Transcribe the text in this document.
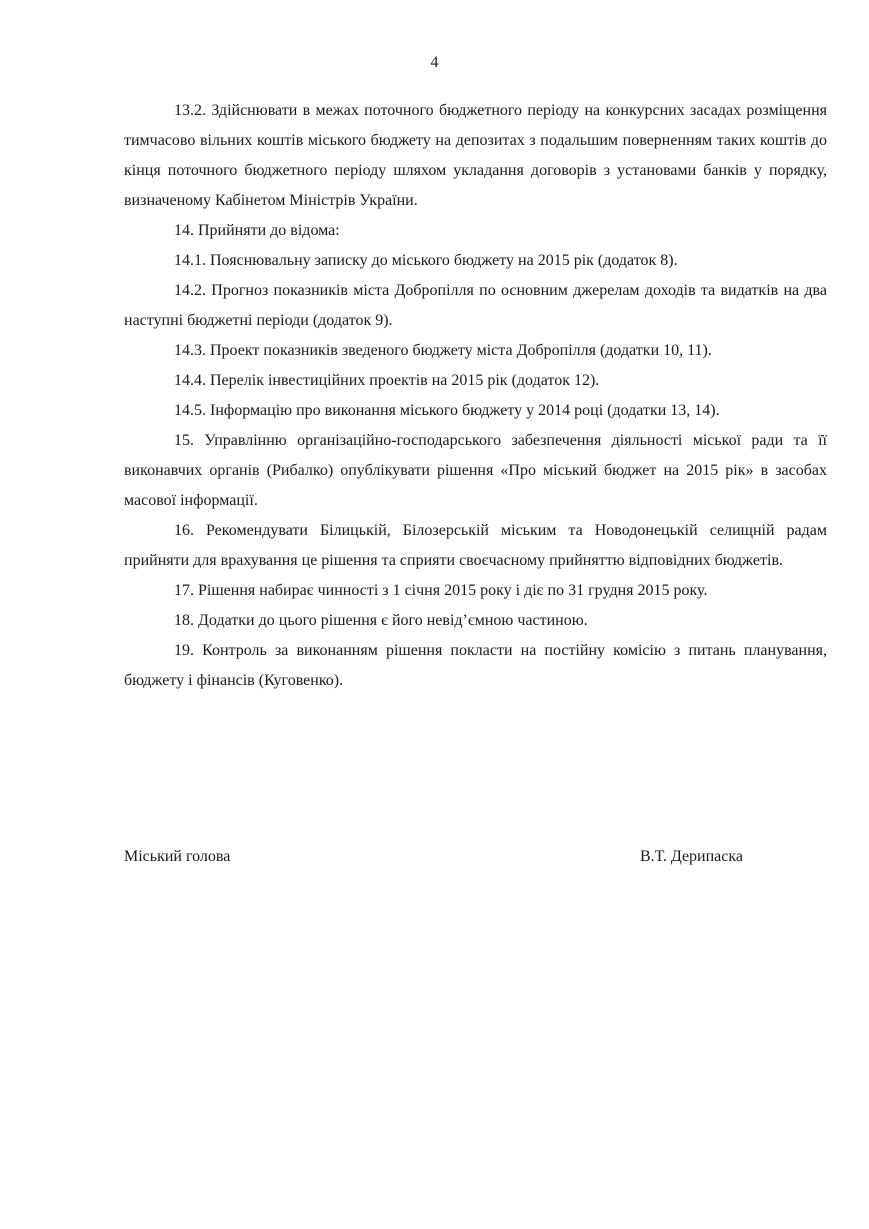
4

13.2. Здійснювати в межах поточного бюджетного періоду на конкурсних засадах розміщення тимчасово вільних коштів міського бюджету на депозитах з подальшим поверненням таких коштів до кінця поточного бюджетного періоду шляхом укладання договорів з установами банків у порядку, визначеному Кабінетом Міністрів України.

14. Прийняти до відома:

14.1. Пояснювальну записку до міського бюджету на 2015 рік (додаток 8).

14.2. Прогноз показників міста Добропілля по основним джерелам доходів та видатків на два наступні бюджетні періоди (додаток 9).

14.3. Проект показників зведеного бюджету міста Добропілля (додатки 10, 11).

14.4. Перелік інвестиційних проектів на 2015 рік (додаток 12).

14.5. Інформацію про виконання міського бюджету у 2014 році (додатки 13, 14).

15. Управлінню організаційно-господарського забезпечення діяльності міської ради та її виконавчих органів (Рибалко) опублікувати рішення «Про міський бюджет на 2015 рік» в засобах масової інформації.

16. Рекомендувати Білицькій, Білозерській міським та Новодонецькій селищній радам прийняти для врахування це рішення та сприяти своєчасному прийняттю відповідних бюджетів.

17. Рішення набирає чинності з 1 січня 2015 року і діє по 31 грудня 2015 року.

18. Додатки до цього рішення є його невід’ємною частиною.

19. Контроль за виконанням рішення покласти на постійну комісію з питань планування, бюджету і фінансів (Куговенко).

Міський голова	В.Т. Дерипаска
